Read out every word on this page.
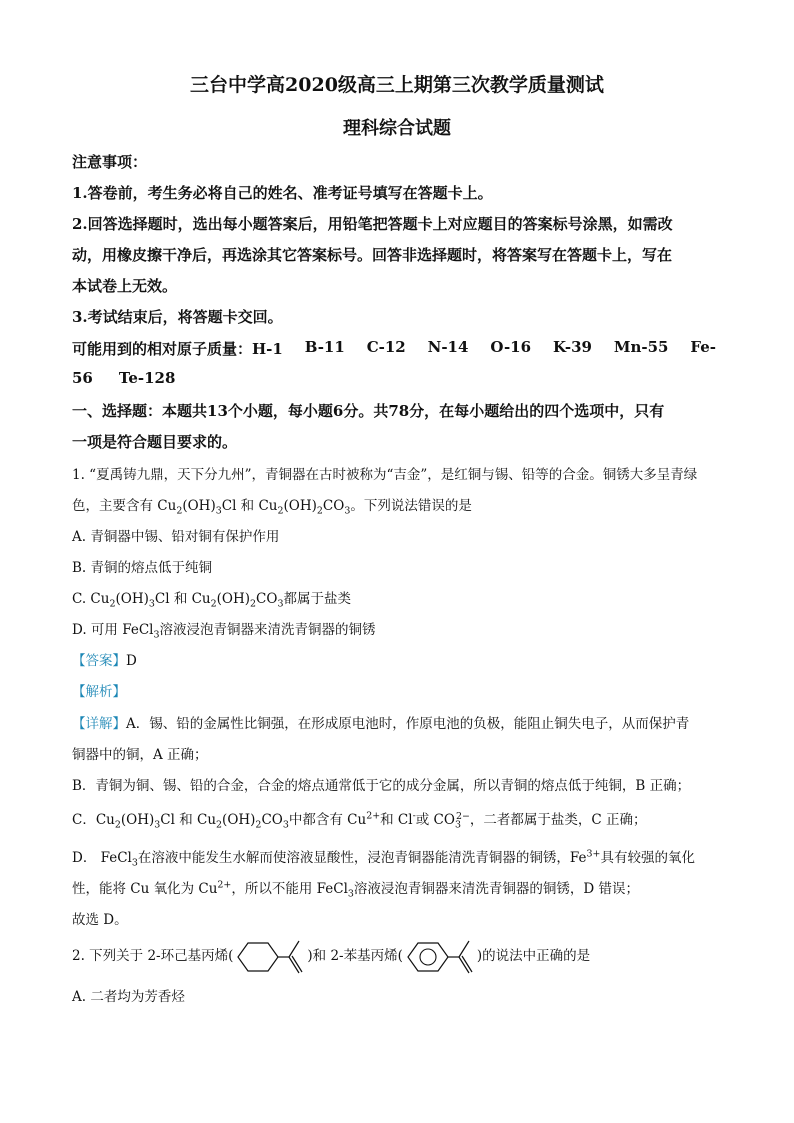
三台中学高2020级高三上期第三次教学质量测试
理科综合试题
注意事项：
1.答卷前，考生务必将自己的姓名、准考证号填写在答题卡上。
2.回答选择题时，选出每小题答案后，用铅笔把答题卡上对应题目的答案标号涂黑，如需改
动，用橡皮擦干净后，再选涂其它答案标号。回答非选择题时，将答案写在答题卡上，写在
本试卷上无效。
3.考试结束后，将答题卡交回。
可能用到的相对原子质量：H-1 B-11 C-12 N-14 O-16 K-39 Mn-55 Fe-
56 Te-128
一、选择题：本题共13个小题，每小题6分。共78分，在每小题给出的四个选项中，只有
一项是符合题目要求的。
1. “夏禹铸九鼎，天下分九州”，青铜器在古时被称为“吉金”，是红铜与锡、铅等的合金。铜锈大多呈青绿
色，主要含有 $Cu_2(OH)_3Cl$ 和 $Cu_2(OH)_2CO_3$。下列说法错误的是
A. 青铜器中锡、铅对铜有保护作用
B. 青铜的熔点低于纯铜
C. $Cu_2(OH)_3Cl$ 和 $Cu_2(OH)_2CO_3$都属于盐类
D. 可用 FeCl$_3$溶液浸泡青铜器来清洗青铜器的铜锈
【答案】D
【解析】
【详解】A．锡、铅的金属性比铜强，在形成原电池时，作原电池的负极，能阻止铜失电子，从而保护青
铜器中的铜，A 正确；
B．青铜为铜、锡、铅的合金，合金的熔点通常低于它的成分金属，所以青铜的熔点低于纯铜，B 正确；
C．$Cu_2(OH)_3Cl$ 和 $Cu_2(OH)_2CO_3$中都含有 $Cu^{2+}$和 Cl-或 $CO_3^{2-}$，二者都属于盐类，C 正确；
D． FeCl$_3$在溶液中能发生水解而使溶液显酸性，浸泡青铜器能清洗青铜器的铜锈，$Fe^{3+}$具有较强的氧化
性，能将 Cu 氧化为 $Cu^{2+}$，所以不能用 FeCl$_3$溶液浸泡青铜器来清洗青铜器的铜锈，D 错误；
故选 D。
2. 下列关于 2-环己基丙烯(	)和 2-苯基丙烯(	)的说法中正确的是
A. 二者均为芳香烃
